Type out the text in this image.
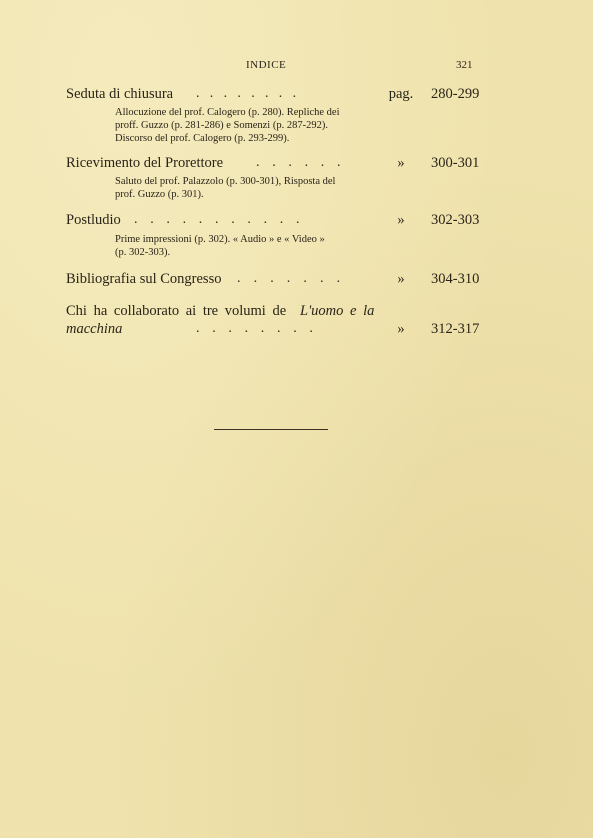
INDICE	321
Seduta di chiusura . . . . . . . .	pag. 280-299
Allocuzione del prof. Calogero (p. 280). Repliche dei
proff. Guzzo (p. 281-286) e Somenzi (p. 287-292).
Discorso del prof. Calogero (p. 293-299).
Ricevimento del Prorettore . . . . . .	»	300-301
Saluto del prof. Palazzolo (p. 300-301), Risposta del
prof. Guzzo (p. 301).
Postludio . . . . . . . . . . .	»	302-303
Prime impressioni (p. 302). « Audio » e « Video »
(p. 302-303).
Bibliografia sul Congresso . . . . . . .	»	304-310
Chi ha collaborato ai tre volumi de L'uomo e la
macchina	. . . . . . . .	»	312-317
